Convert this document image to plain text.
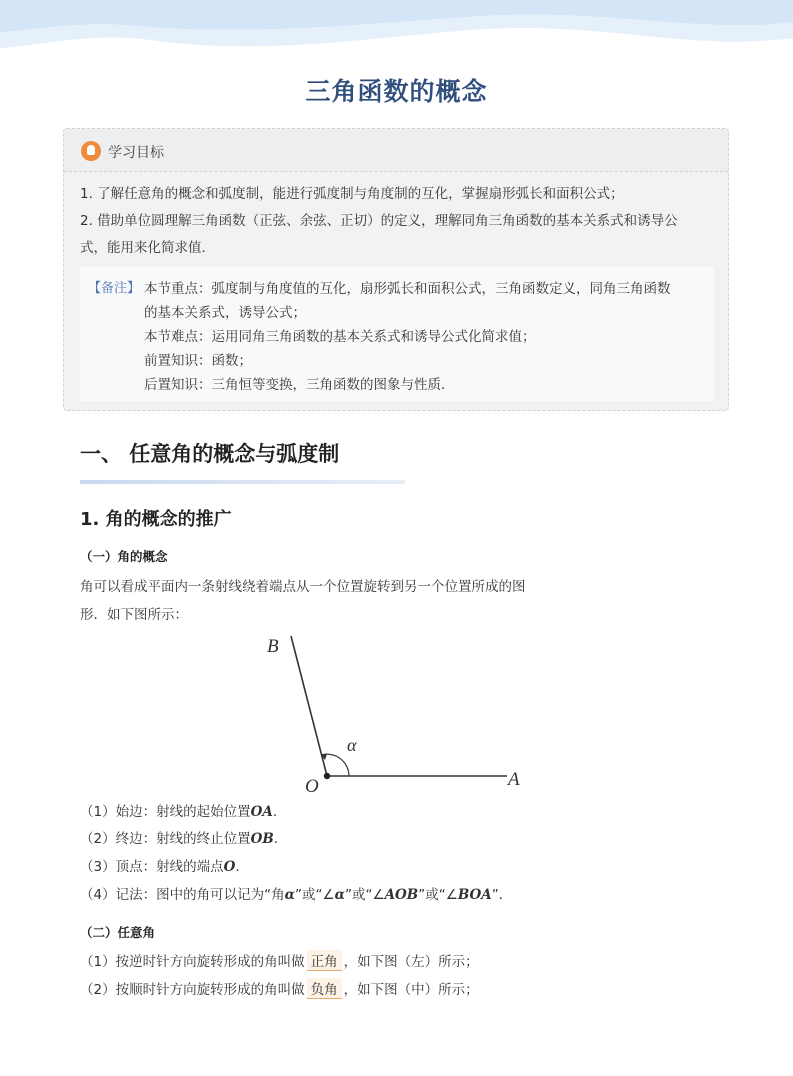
三角函数的概念
学习目标
1. 了解任意角的概念和弧度制，能进行弧度制与角度制的互化，掌握扇形弧长和面积公式；
2. 借助单位圆理解三角函数（正弦、余弦、正切）的定义，理解同角三角函数的基本关系式和诱导公
式，能用来化简求值．
【备注】 本节重点：弧度制与角度值的互化，扇形弧长和面积公式，三角函数定义，同角三角函数
的基本关系式，诱导公式；
本节难点：运用同角三角函数的基本关系式和诱导公式化简求值；
前置知识：函数；
后置知识：三角恒等变换，三角函数的图象与性质．
一、 任意角的概念与弧度制
1. 角的概念的推广
（一）角的概念
角可以看成平面内一条射线绕着端点从一个位置旋转到另一个位置所成的图
形．如下图所示：
B
O	A
α
（1）始边：射线的起始位置OA.
（2）终边：射线的终止位置OB.
（3）顶点：射线的端点O.
（4）记法：图中的角可以记为“角α”或“∠α”或“∠AOB”或“∠BOA”．
（二）任意角
（1）按逆时针方向旋转形成的角叫做 正角 ，如下图（左）所示；
（2）按顺时针方向旋转形成的角叫做 负角 ，如下图（中）所示；
